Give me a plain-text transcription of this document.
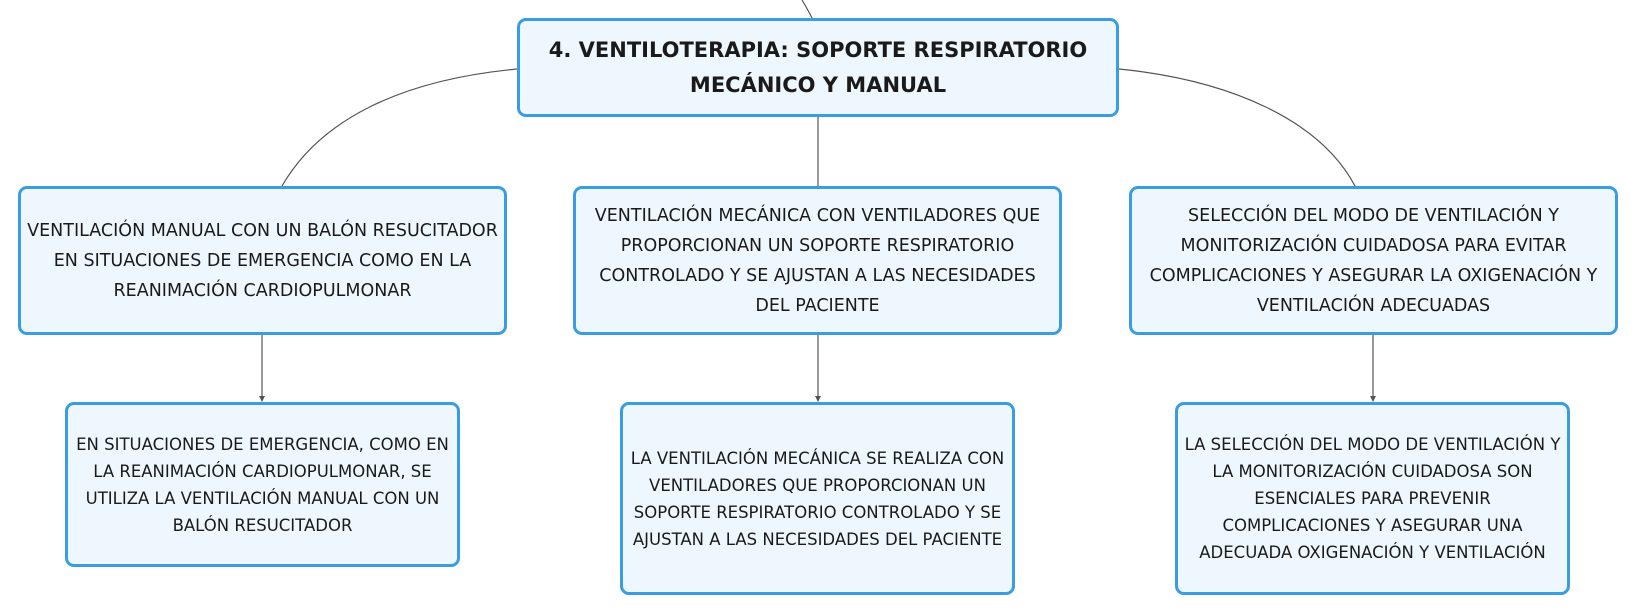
4. VENTILOTERAPIA: SOPORTE RESPIRATORIO MECÁNICO Y MANUAL
VENTILACIÓN MANUAL CON UN BALÓN RESUCITADOR EN SITUACIONES DE EMERGENCIA COMO EN LA REANIMACIÓN CARDIOPULMONAR
VENTILACIÓN MECÁNICA CON VENTILADORES QUE PROPORCIONAN UN SOPORTE RESPIRATORIO CONTROLADO Y SE AJUSTAN A LAS NECESIDADES DEL PACIENTE
SELECCIÓN DEL MODO DE VENTILACIÓN Y MONITORIZACIÓN CUIDADOSA PARA EVITAR COMPLICACIONES Y ASEGURAR LA OXIGENACIÓN Y VENTILACIÓN ADECUADAS
EN SITUACIONES DE EMERGENCIA, COMO EN LA REANIMACIÓN CARDIOPULMONAR, SE UTILIZA LA VENTILACIÓN MANUAL CON UN BALÓN RESUCITADOR
LA VENTILACIÓN MECÁNICA SE REALIZA CON VENTILADORES QUE PROPORCIONAN UN SOPORTE RESPIRATORIO CONTROLADO Y SE AJUSTAN A LAS NECESIDADES DEL PACIENTE
LA SELECCIÓN DEL MODO DE VENTILACIÓN Y LA MONITORIZACIÓN CUIDADOSA SON ESENCIALES PARA PREVENIR COMPLICACIONES Y ASEGURAR UNA ADECUADA OXIGENACIÓN Y VENTILACIÓN
